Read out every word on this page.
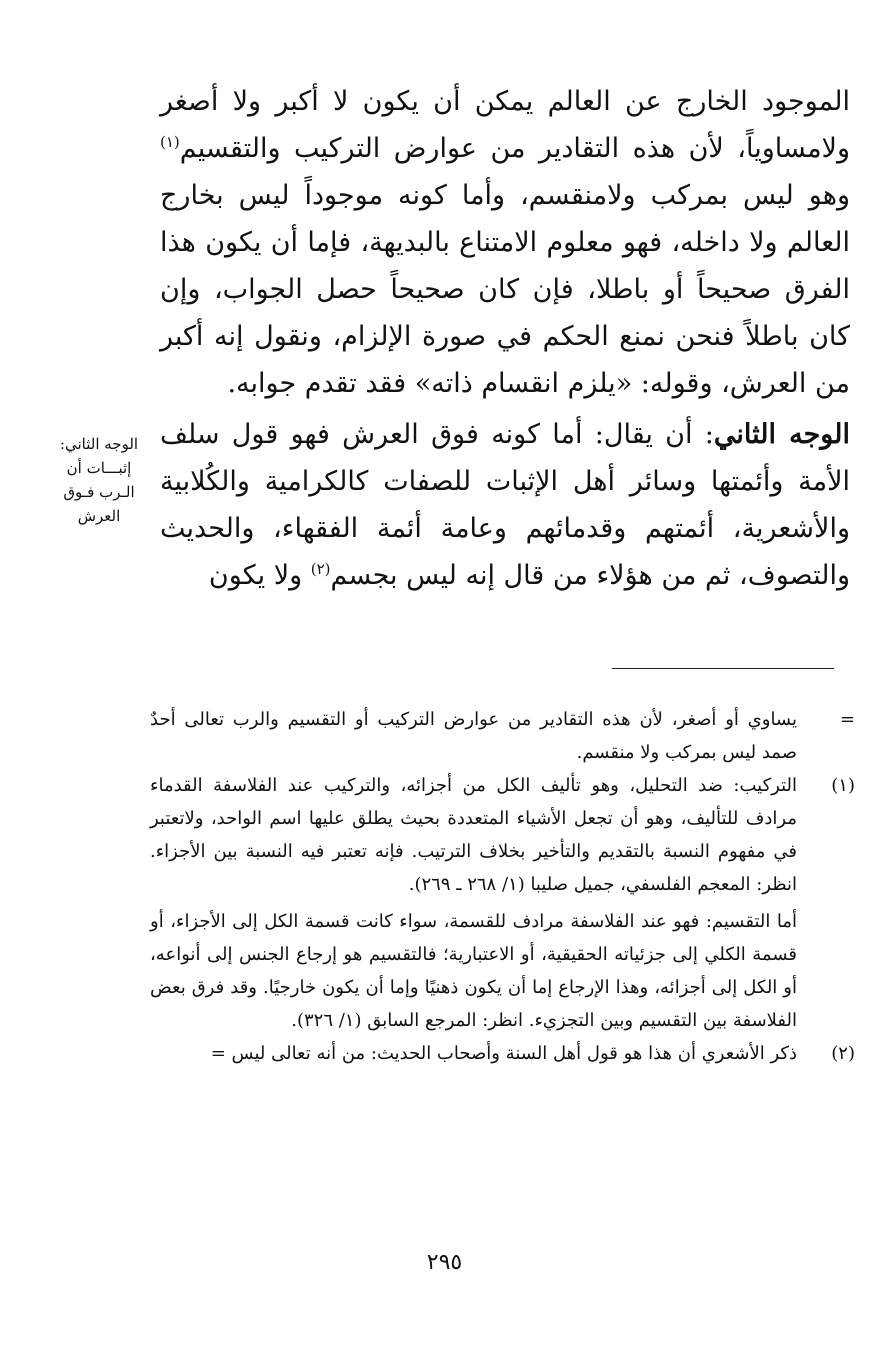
الموجود الخارج عن العالم يمكن أن يكون لا أكبر ولا أصغر ولامساوياً، لأن هذه التقادير من عوارض التركيب والتقسيم$^{(١)}$ وهو ليس بمركب ولامنقسم، وأما كونه موجوداً ليس بخارج العالم ولا داخله، فهو معلوم الامتناع بالبديهة، فإما أن يكون هذا الفرق صحيحاً أو باطلا، فإن كان صحيحاً حصل الجواب، وإن كان باطلاً فنحن نمنع الحكم في صورة الإلزام، ونقول إنه أكبر من العرش، وقوله: «يلزم انقسام ذاته» فقد تقدم جوابه.

الوجه الثاني: أن يقال: أما كونه فوق العرش فهو قول سلف الأمة وأئمتها وسائر أهل الإثبات للصفات كالكرامية والكُلابية والأشعرية، أئمتهم وقدمائهم وعامة أئمة الفقهاء، والحديث والتصوف، ثم من هؤلاء من قال إنه ليس بجسم$^{(٢)}$ ولا يكون

الوجه الثاني:
إثبـــات أن
الـرب فـوق
العرش
=

يساوي أو أصغر، لأن هذه التقادير من عوارض التركيب أو التقسيم والرب تعالى أحدٌ صمد ليس بمركب ولا منقسم.

(١)

التركيب: ضد التحليل، وهو تأليف الكل من أجزائه، والتركيب عند الفلاسفة القدماء مرادف للتأليف، وهو أن تجعل الأشياء المتعددة بحيث يطلق عليها اسم الواحد، ولاتعتبر في مفهوم النسبة بالتقديم والتأخير بخلاف الترتيب. فإنه تعتبر فيه النسبة بين الأجزاء. انظر: المعجم الفلسفي، جميل صليبا (١/ ٢٦٨ ـ ٢٦٩).

أما التقسيم: فهو عند الفلاسفة مرادف للقسمة، سواء كانت قسمة الكل إلى الأجزاء، أو قسمة الكلي إلى جزئياته الحقيقية، أو الاعتبارية؛ فالتقسيم هو إرجاع الجنس إلى أنواعه، أو الكل إلى أجزائه، وهذا الإرجاع إما أن يكون ذهنيًا وإما أن يكون خارجيًا. وقد فرق بعض الفلاسفة بين التقسيم وبين التجزيء. انظر: المرجع السابق (١/ ٣٢٦).

(٢)

ذكر الأشعري أن هذا هو قول أهل السنة وأصحاب الحديث: من أنه تعالى ليس =

٢٩٥
